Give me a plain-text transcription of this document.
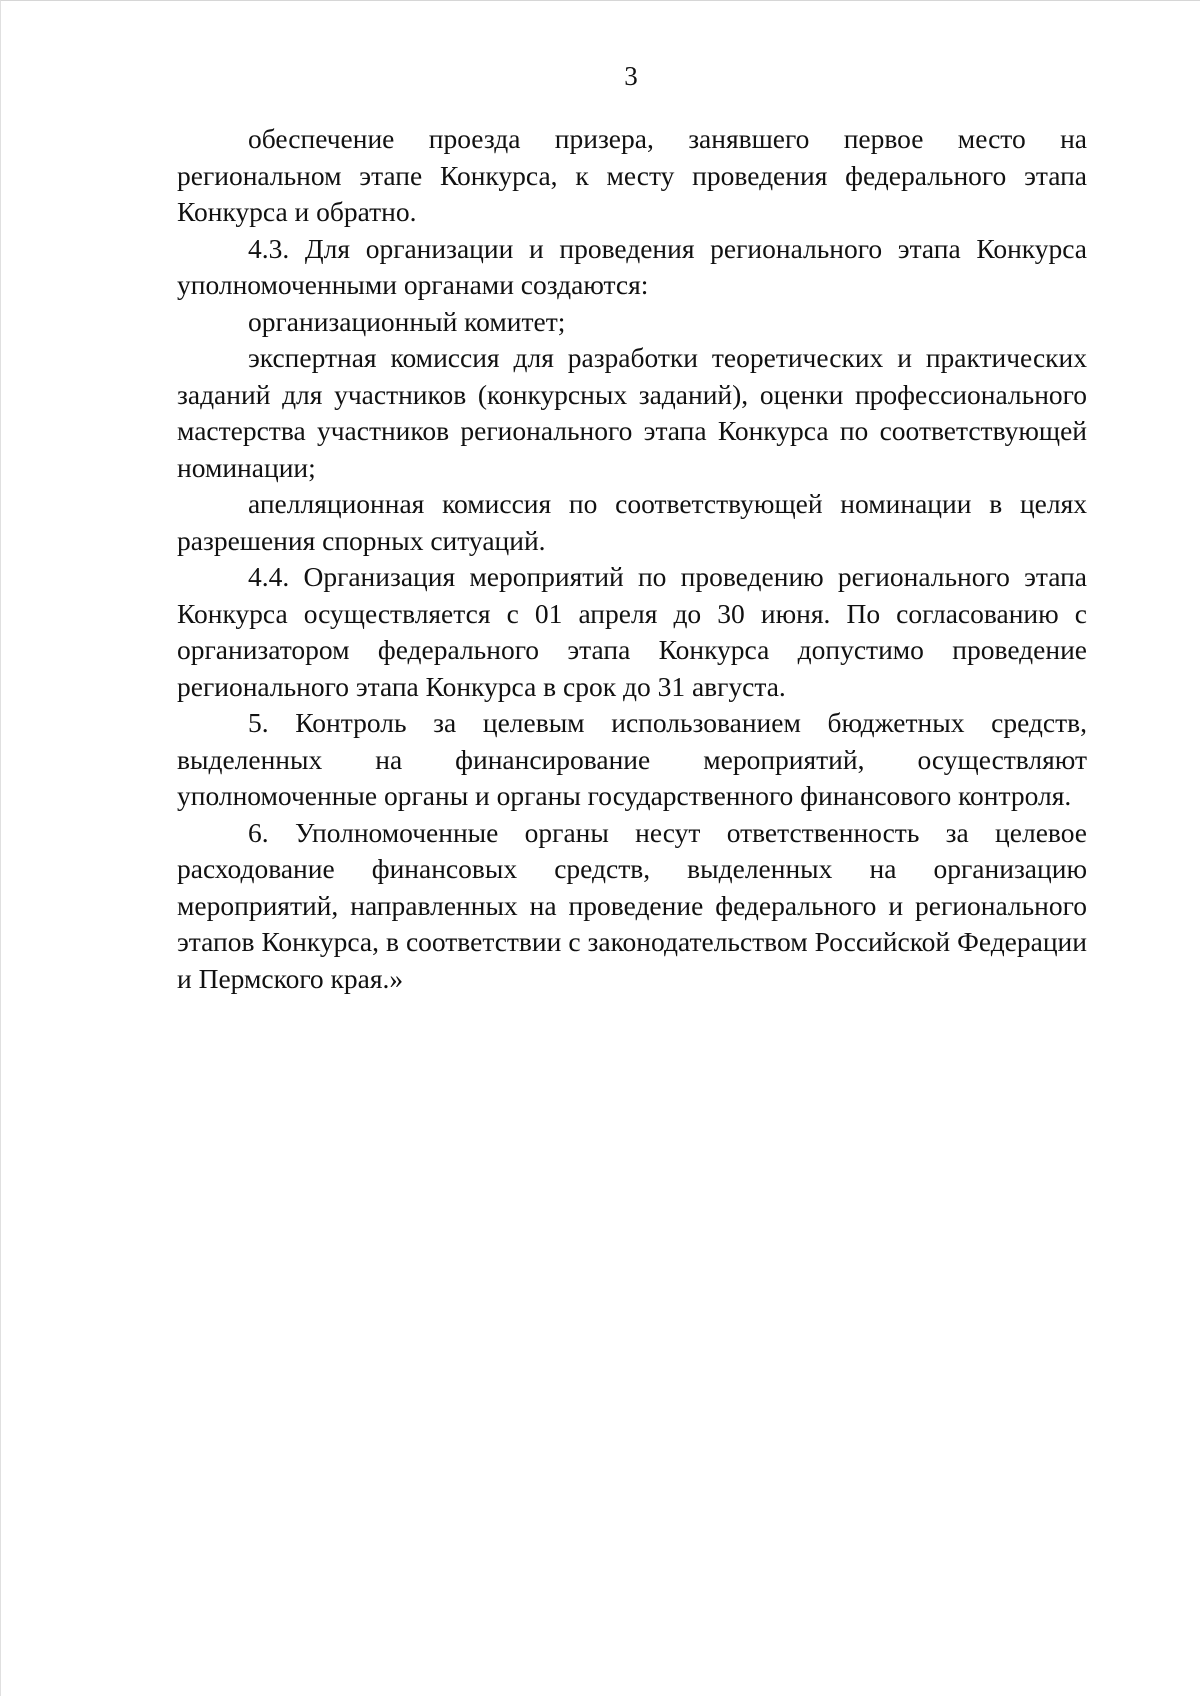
3

обеспечение проезда призера, занявшего первое место на региональном этапе Конкурса, к месту проведения федерального этапа Конкурса и обратно.

4.3. Для организации и проведения регионального этапа Конкурса уполномоченными органами создаются:

организационный комитет;

экспертная комиссия для разработки теоретических и практических заданий для участников (конкурсных заданий), оценки профессионального мастерства участников регионального этапа Конкурса по соответствующей номинации;

апелляционная комиссия по соответствующей номинации в целях разрешения спорных ситуаций.

4.4. Организация мероприятий по проведению регионального этапа Конкурса осуществляется с 01 апреля до 30 июня. По согласованию с организатором федерального этапа Конкурса допустимо проведение регионального этапа Конкурса в срок до 31 августа.

5. Контроль за целевым использованием бюджетных средств, выделенных на финансирование мероприятий, осуществляют уполномоченные органы и органы государственного финансового контроля.

6. Уполномоченные органы несут ответственность за целевое расходование финансовых средств, выделенных на организацию мероприятий, направленных на проведение федерального и регионального этапов Конкурса, в соответствии с законодательством Российской Федерации и Пермского края.»
